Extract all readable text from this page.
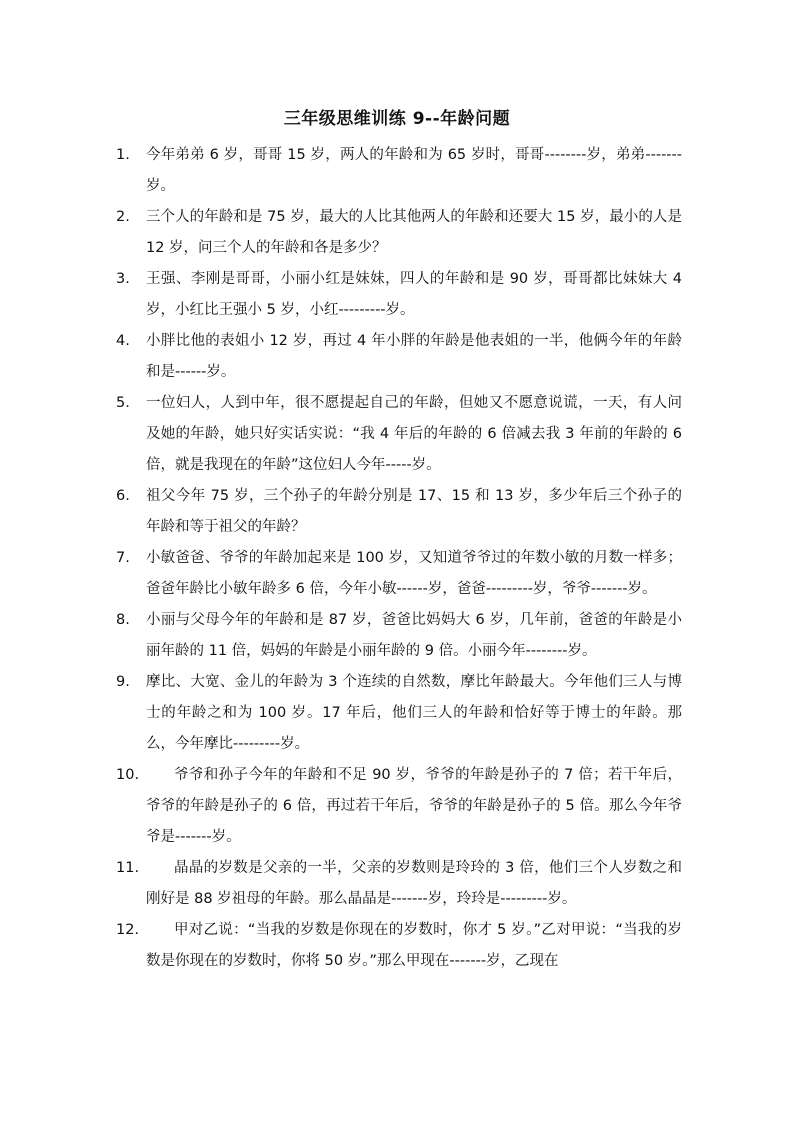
三年级思维训练 9--年龄问题
1. 今年弟弟 6 岁，哥哥 15 岁，两人的年龄和为 65 岁时，哥哥--------岁，弟弟-------岁。
2. 三个人的年龄和是 75 岁，最大的人比其他两人的年龄和还要大 15 岁，最小的人是 12 岁，问三个人的年龄和各是多少？
3. 王强、李刚是哥哥，小丽小红是妹妹，四人的年龄和是 90 岁，哥哥都比妹妹大 4 岁，小红比王强小 5 岁，小红---------岁。
4. 小胖比他的表姐小 12 岁，再过 4 年小胖的年龄是他表姐的一半，他俩今年的年龄和是------岁。
5. 一位妇人，人到中年，很不愿提起自己的年龄，但她又不愿意说谎，一天，有人问及她的年龄，她只好实话实说：“我 4 年后的年龄的 6 倍减去我 3 年前的年龄的 6 倍，就是我现在的年龄”这位妇人今年-----岁。
6. 祖父今年 75 岁，三个孙子的年龄分别是 17、15 和 13 岁，多少年后三个孙子的年龄和等于祖父的年龄？
7. 小敏爸爸、爷爷的年龄加起来是 100 岁，又知道爷爷过的年数小敏的月数一样多；爸爸年龄比小敏年龄多 6 倍，今年小敏------岁，爸爸---------岁，爷爷-------岁。
8. 小丽与父母今年的年龄和是 87 岁，爸爸比妈妈大 6 岁，几年前，爸爸的年龄是小丽年龄的 11 倍，妈妈的年龄是小丽年龄的 9 倍。小丽今年--------岁。
9. 摩比、大宽、金儿的年龄为 3 个连续的自然数，摩比年龄最大。今年他们三人与博士的年龄之和为 100 岁。17 年后，他们三人的年龄和恰好等于博士的年龄。那么，今年摩比---------岁。
10. 爷爷和孙子今年的年龄和不足 90 岁，爷爷的年龄是孙子的 7 倍；若干年后，爷爷的年龄是孙子的 6 倍，再过若干年后，爷爷的年龄是孙子的 5 倍。那么今年爷爷是-------岁。
11. 晶晶的岁数是父亲的一半，父亲的岁数则是玲玲的 3 倍，他们三个人岁数之和刚好是 88 岁祖母的年龄。那么晶晶是-------岁，玲玲是---------岁。
12. 甲对乙说：“当我的岁数是你现在的岁数时，你才 5 岁。”乙对甲说：“当我的岁数是你现在的岁数时，你将 50 岁。”那么甲现在-------岁，乙现在
